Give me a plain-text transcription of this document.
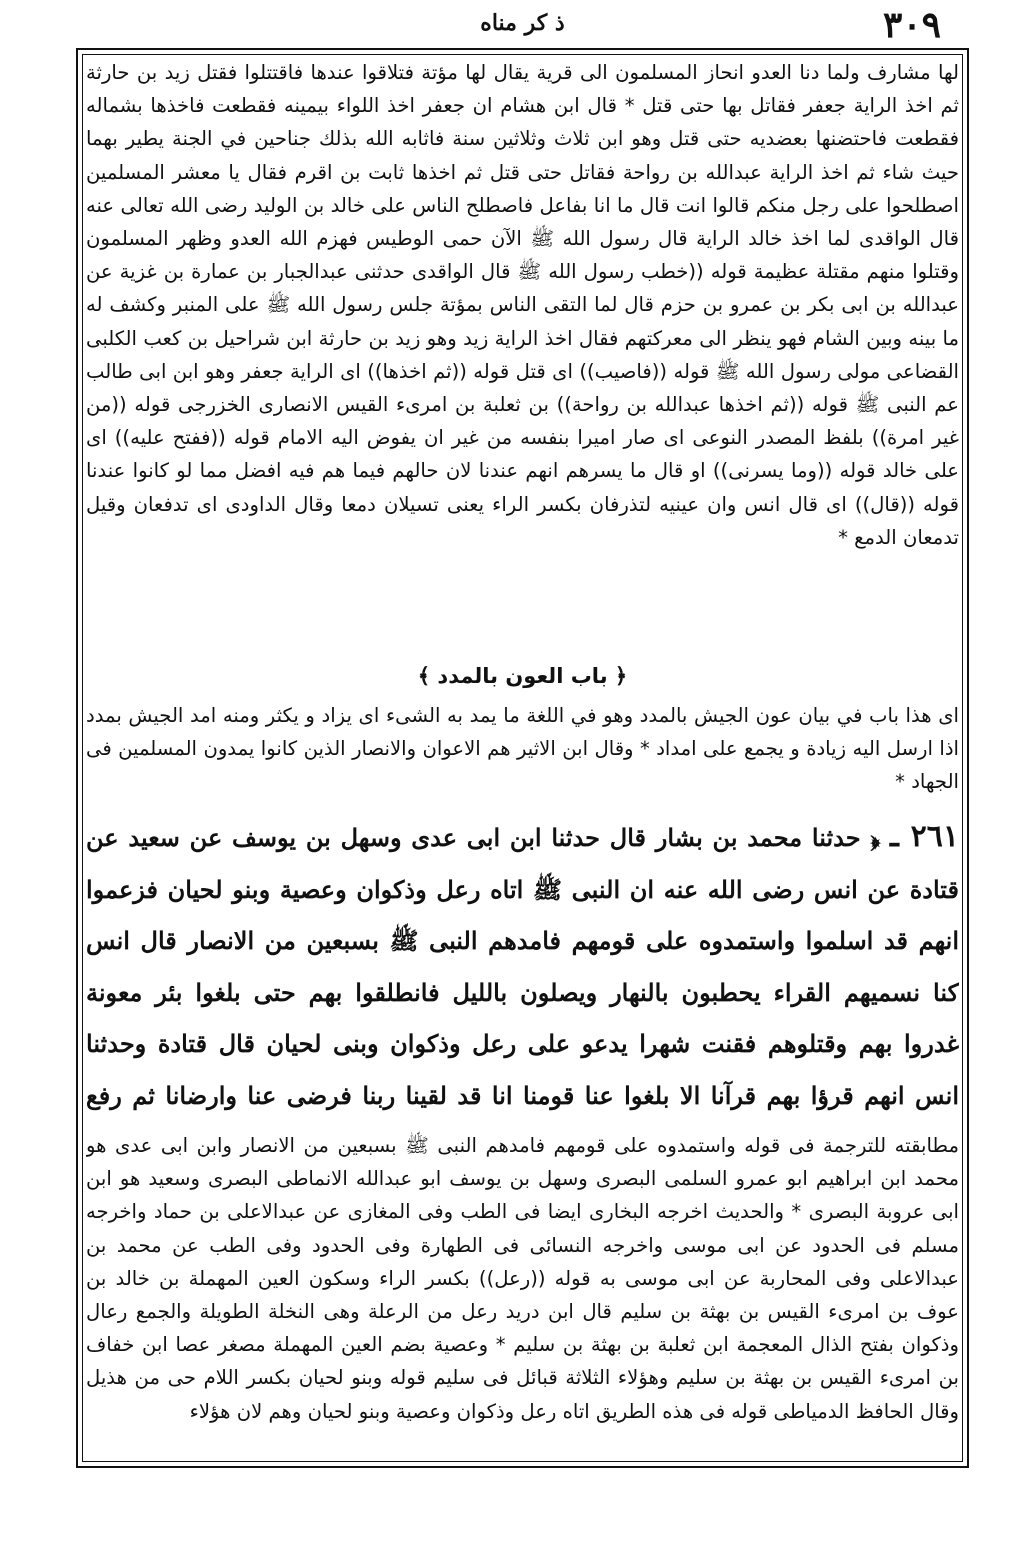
٣٠٩
ذ كر مناه

لها مشارف ولما دنا العدو انحاز المسلمون الى قرية يقال لها مؤتة فتلاقوا عندها فاقتتلوا فقتل زيد بن حارثة ثم اخذ الراية جعفر فقاتل بها حتى قتل * قال ابن هشام ان جعفر اخذ اللواء بيمينه فقطعت فاخذها بشماله فقطعت فاحتضنها بعضديه حتى قتل وهو ابن ثلاث وثلاثين سنة فاثابه الله بذلك جناحين في الجنة يطير بهما حيث شاء ثم اخذ الراية عبدالله بن رواحة فقاتل حتى قتل ثم اخذها ثابت بن اقرم فقال يا معشر المسلمين اصطلحوا على رجل منكم قالوا انت قال ما انا بفاعل فاصطلح الناس على خالد بن الوليد رضى الله تعالى عنه قال الواقدى لما اخذ خالد الراية قال رسول الله ﷺ الآن حمى الوطيس فهزم الله العدو وظهر المسلمون وقتلوا منهم مقتلة عظيمة قوله ((خطب رسول الله ﷺ قال الواقدى حدثنى عبدالجبار بن عمارة بن غزية عن عبدالله بن ابى بكر بن عمرو بن حزم قال لما التقى الناس بمؤتة جلس رسول الله ﷺ على المنبر وكشف له ما بينه وبين الشام فهو ينظر الى معركتهم فقال اخذ الراية زيد وهو زيد بن حارثة ابن شراحيل بن كعب الكلبى القضاعى مولى رسول الله ﷺ قوله ((فاصيب)) اى قتل قوله ((ثم اخذها)) اى الراية جعفر وهو ابن ابى طالب عم النبى ﷺ قوله ((ثم اخذها عبدالله بن رواحة)) بن ثعلبة بن امرىء القيس الانصارى الخزرجى قوله ((من غير امرة)) بلفظ المصدر النوعى اى صار اميرا بنفسه من غير ان يفوض اليه الامام قوله ((ففتح عليه)) اى على خالد قوله ((وما يسرنى)) او قال ما يسرهم انهم عندنا لان حالهم فيما هم فيه افضل مما لو كانوا عندنا قوله ((قال)) اى قال انس وان عينيه لتذرفان بكسر الراء يعنى تسيلان دمعا وقال الداودى اى تدفعان وقيل تدمعان الدمع *

﴿ باب العون بالمدد ﴾

اى هذا باب في بيان عون الجيش بالمدد وهو في اللغة ما يمد به الشىء اى يزاد و يكثر ومنه امد الجيش بمدد اذا ارسل اليه زيادة و يجمع على امداد * وقال ابن الاثير هم الاعوان والانصار الذين كانوا يمدون المسلمين فى الجهاد *

٢٦١ ـ ﴿ حدثنا محمد بن بشار قال حدثنا ابن ابى عدى وسهل بن يوسف عن سعيد عن قتادة عن انس رضى الله عنه ان النبى ﷺ اتاه رعل وذكوان وعصية وبنو لحيان فزعموا انهم قد اسلموا واستمدوه على قومهم فامدهم النبى ﷺ بسبعين من الانصار قال انس كنا نسميهم القراء يحطبون بالنهار ويصلون بالليل فانطلقوا بهم حتى بلغوا بئر معونة غدروا بهم وقتلوهم فقنت شهرا يدعو على رعل وذكوان وبنى لحيان قال قتادة وحدثنا انس انهم قرؤا بهم قرآنا الا بلغوا عنا قومنا انا قد لقينا ربنا فرضى عنا وارضانا ثم رفع

مطابقته للترجمة فى قوله واستمدوه على قومهم فامدهم النبى ﷺ بسبعين من الانصار وابن ابى عدى هو محمد ابن ابراهيم ابو عمرو السلمى البصرى وسهل بن يوسف ابو عبدالله الانماطى البصرى وسعيد هو ابن ابى عروبة البصرى * والحديث اخرجه البخارى ايضا فى الطب وفى المغازى عن عبدالاعلى بن حماد واخرجه مسلم فى الحدود عن ابى موسى واخرجه النسائى فى الطهارة وفى الحدود وفى الطب عن محمد بن عبدالاعلى وفى المحاربة عن ابى موسى به قوله ((رعل)) بكسر الراء وسكون العين المهملة بن خالد بن عوف بن امرىء القيس بن بهثة بن سليم قال ابن دريد رعل من الرعلة وهى النخلة الطويلة والجمع رعال وذكوان بفتح الذال المعجمة ابن ثعلبة بن بهثة بن سليم * وعصية بضم العين المهملة مصغر عصا ابن خفاف بن امرىء القيس بن بهثة بن سليم وهؤلاء الثلاثة قبائل فى سليم قوله وبنو لحيان بكسر اللام حى من هذيل وقال الحافظ الدمياطى قوله فى هذه الطريق اتاه رعل وذكوان وعصية وبنو لحيان وهم لان هؤلاء
